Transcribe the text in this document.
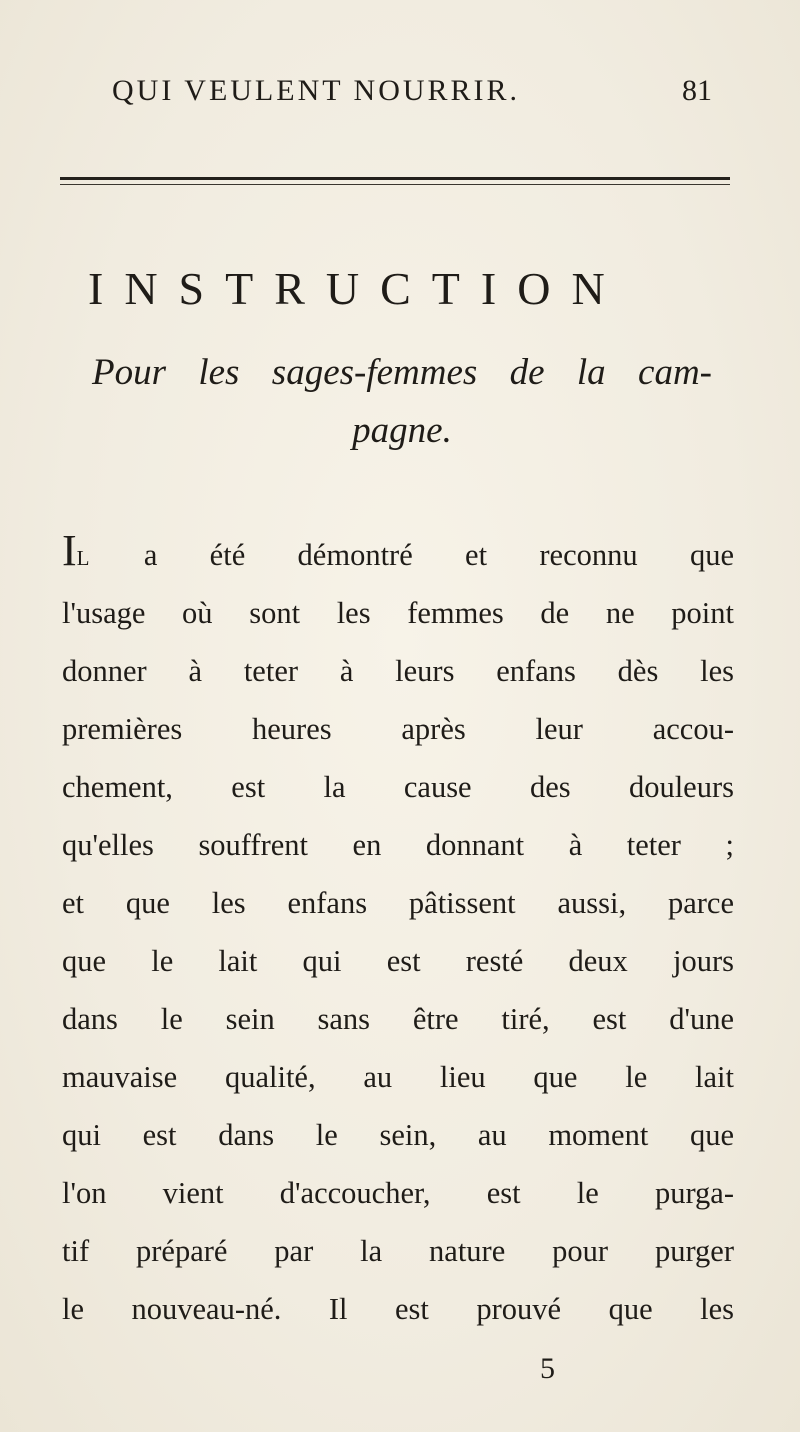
QUI VEULENT NOURRIR.	81
INSTRUCTION
Pour les sages-femmes de la cam-
pagne.
Il a été démontré et reconnu que
l'usage où sont les femmes de ne point
donner à teter à leurs enfans dès les
premières heures après leur accou-
chement, est la cause des douleurs
qu'elles souffrent en donnant à teter ;
et que les enfans pâtissent aussi, parce
que le lait qui est resté deux jours
dans le sein sans être tiré, est d'une
mauvaise qualité, au lieu que le lait
qui est dans le sein, au moment que
l'on vient d'accoucher, est le purga-
tif préparé par la nature pour purger
le nouveau-né. Il est prouvé que les
5
